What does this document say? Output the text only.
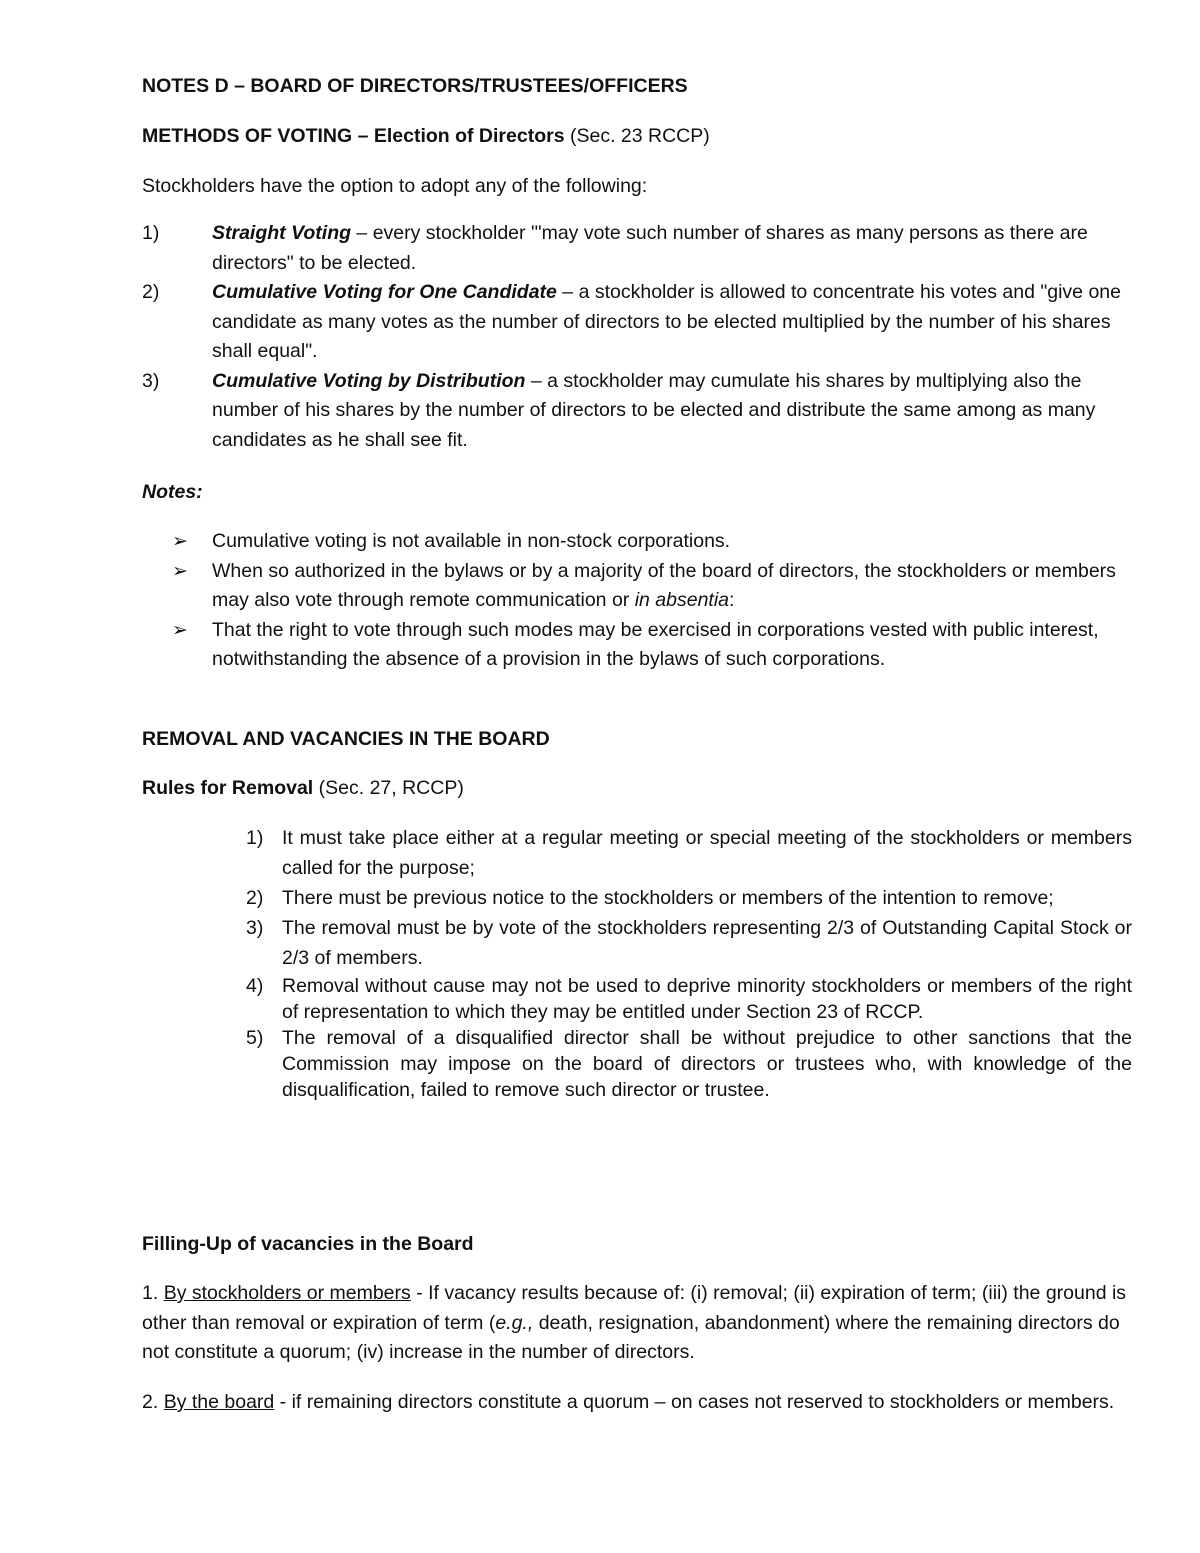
NOTES D – BOARD OF DIRECTORS/TRUSTEES/OFFICERS
METHODS OF VOTING – Election of Directors (Sec. 23 RCCP)
Stockholders have the option to adopt any of the following:
1)	Straight Voting – every stockholder '"may vote such number of shares as many persons as there are directors" to be elected.
2)	Cumulative Voting for One Candidate – a stockholder is allowed to concentrate his votes and "give one candidate as many votes as the number of directors to be elected multiplied by the number of his shares shall equal".
3)	Cumulative Voting by Distribution – a stockholder may cumulate his shares by multiplying also the number of his shares by the number of directors to be elected and distribute the same among as many candidates as he shall see fit.
Notes:
➢ Cumulative voting is not available in non-stock corporations.
➢ When so authorized in the bylaws or by a majority of the board of directors, the stockholders or members may also vote through remote communication or in absentia:
➢ That the right to vote through such modes may be exercised in corporations vested with public interest, notwithstanding the absence of a provision in the bylaws of such corporations.
REMOVAL AND VACANCIES IN THE BOARD
Rules for Removal (Sec. 27, RCCP)
1) It must take place either at a regular meeting or special meeting of the stockholders or members called for the purpose;
2) There must be previous notice to the stockholders or members of the intention to remove;
3) The removal must be by vote of the stockholders representing 2/3 of Outstanding Capital Stock or 2/3 of members.
4) Removal without cause may not be used to deprive minority stockholders or members of the right of representation to which they may be entitled under Section 23 of RCCP.
5) The removal of a disqualified director shall be without prejudice to other sanctions that the Commission may impose on the board of directors or trustees who, with knowledge of the disqualification, failed to remove such director or trustee.
Filling-Up of vacancies in the Board
1. By stockholders or members - If vacancy results because of: (i) removal; (ii) expiration of term; (iii) the ground is other than removal or expiration of term (e.g., death, resignation, abandonment) where the remaining directors do not constitute a quorum; (iv) increase in the number of directors.
2. By the board - if remaining directors constitute a quorum – on cases not reserved to stockholders or members.
